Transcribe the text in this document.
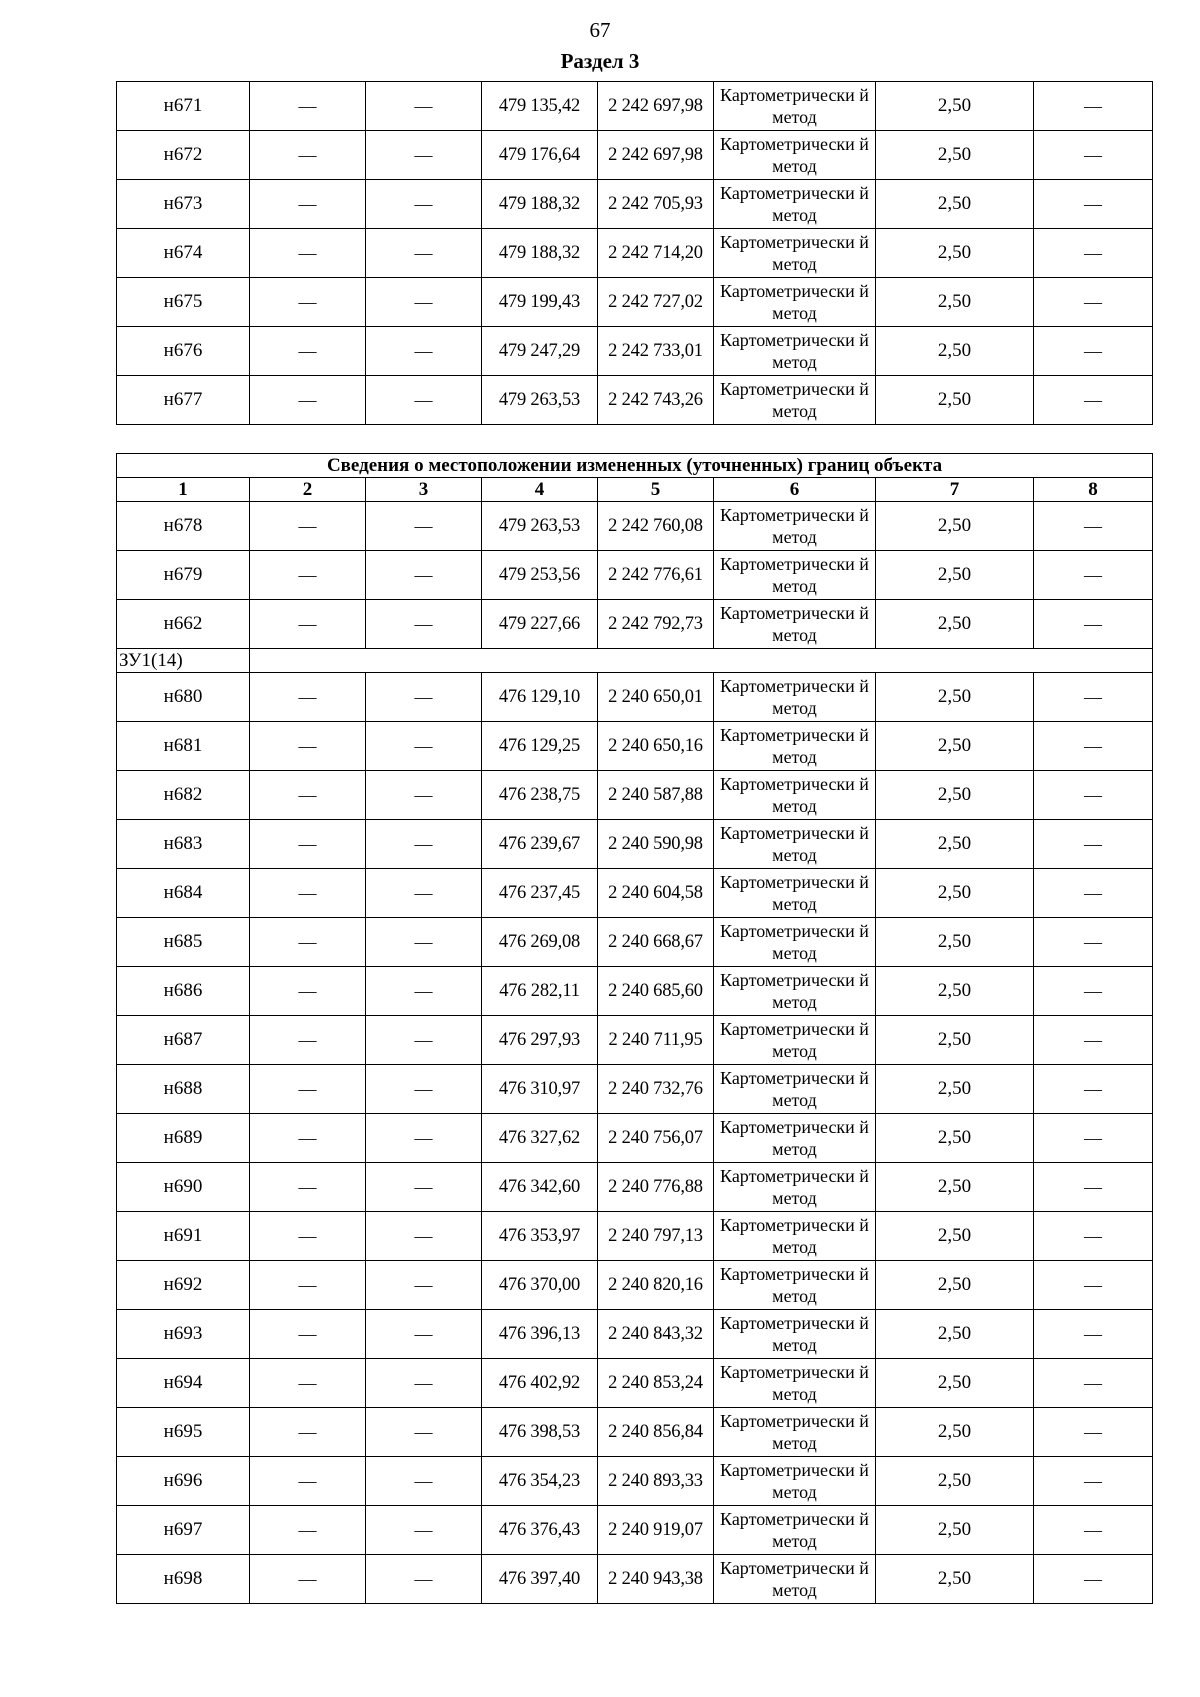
67
Раздел 3
н671	—	—	479 135,42	2 242 697,98	Картометрически й метод	2,50	—
н672	—	—	479 176,64	2 242 697,98	Картометрически й метод	2,50	—
н673	—	—	479 188,32	2 242 705,93	Картометрически й метод	2,50	—
н674	—	—	479 188,32	2 242 714,20	Картометрически й метод	2,50	—
н675	—	—	479 199,43	2 242 727,02	Картометрически й метод	2,50	—
н676	—	—	479 247,29	2 242 733,01	Картометрически й метод	2,50	—
н677	—	—	479 263,53	2 242 743,26	Картометрически й метод	2,50	—
Сведения о местоположении измененных (уточненных) границ объекта							
1	2	3	4	5	6	7	8
н678	—	—	479 263,53	2 242 760,08	Картометрически й метод	2,50	—
н679	—	—	479 253,56	2 242 776,61	Картометрически й метод	2,50	—
н662	—	—	479 227,66	2 242 792,73	Картометрически й метод	2,50	—
ЗУ1(14)							
н680	—	—	476 129,10	2 240 650,01	Картометрически й метод	2,50	—
н681	—	—	476 129,25	2 240 650,16	Картометрически й метод	2,50	—
н682	—	—	476 238,75	2 240 587,88	Картометрически й метод	2,50	—
н683	—	—	476 239,67	2 240 590,98	Картометрически й метод	2,50	—
н684	—	—	476 237,45	2 240 604,58	Картометрически й метод	2,50	—
н685	—	—	476 269,08	2 240 668,67	Картометрически й метод	2,50	—
н686	—	—	476 282,11	2 240 685,60	Картометрически й метод	2,50	—
н687	—	—	476 297,93	2 240 711,95	Картометрически й метод	2,50	—
н688	—	—	476 310,97	2 240 732,76	Картометрически й метод	2,50	—
н689	—	—	476 327,62	2 240 756,07	Картометрически й метод	2,50	—
н690	—	—	476 342,60	2 240 776,88	Картометрически й метод	2,50	—
н691	—	—	476 353,97	2 240 797,13	Картометрически й метод	2,50	—
н692	—	—	476 370,00	2 240 820,16	Картометрически й метод	2,50	—
н693	—	—	476 396,13	2 240 843,32	Картометрически й метод	2,50	—
н694	—	—	476 402,92	2 240 853,24	Картометрически й метод	2,50	—
н695	—	—	476 398,53	2 240 856,84	Картометрически й метод	2,50	—
н696	—	—	476 354,23	2 240 893,33	Картометрически й метод	2,50	—
н697	—	—	476 376,43	2 240 919,07	Картометрически й метод	2,50	—
н698	—	—	476 397,40	2 240 943,38	Картометрически й метод	2,50	—
